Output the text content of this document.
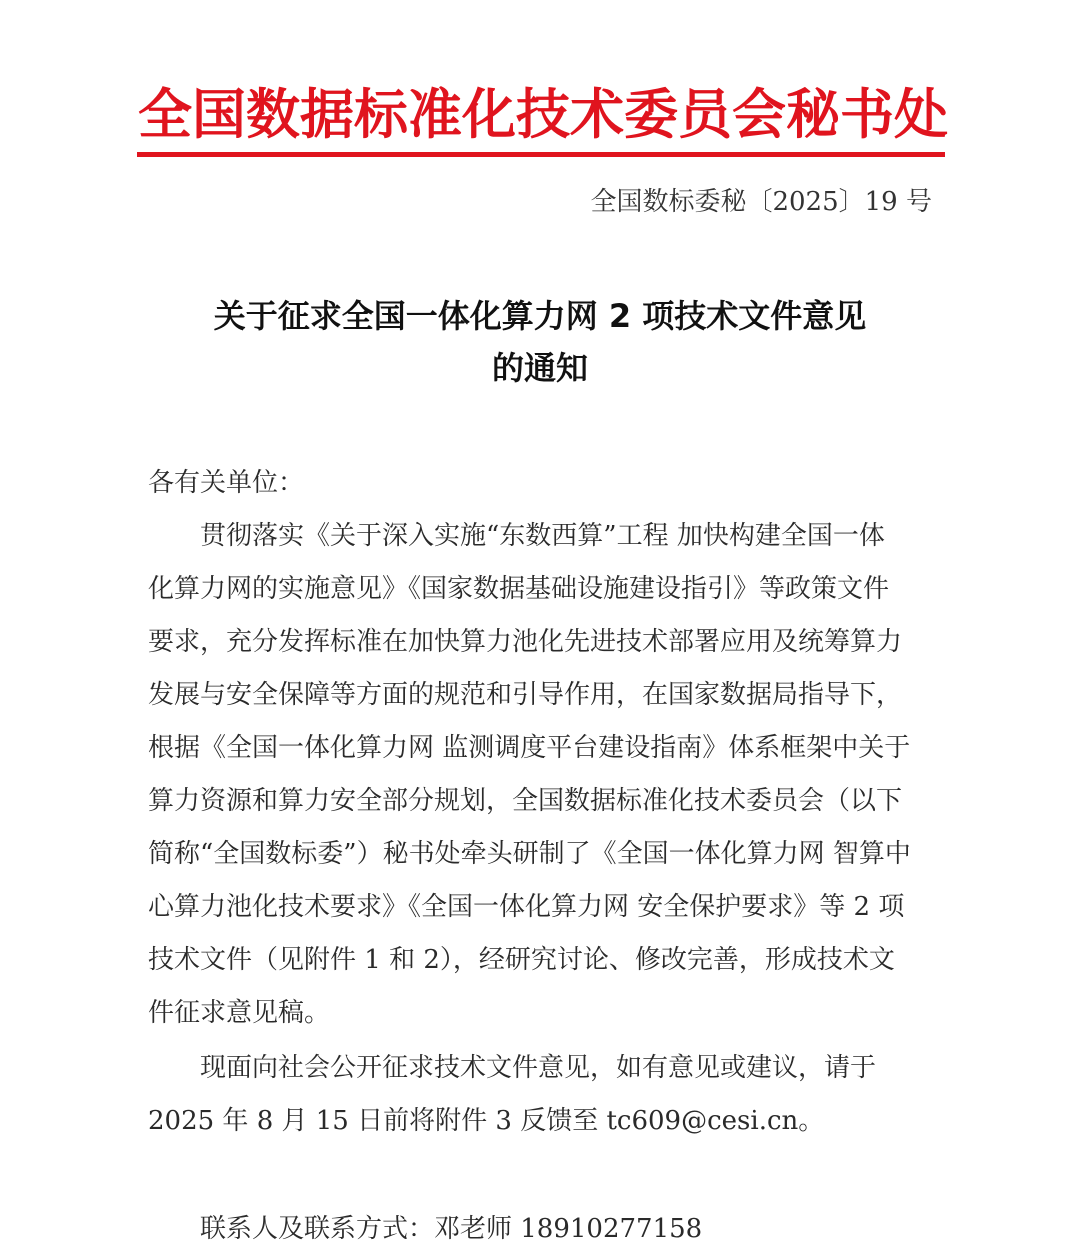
全国数据标准化技术委员会秘书处
全国数标委秘〔2025〕19 号
关于征求全国一体化算力网 2 项技术文件意见
的通知
各有关单位：
贯彻落实《关于深入实施“东数西算”工程 加快构建全国一体
化算力网的实施意见》《国家数据基础设施建设指引》等政策文件
要求，充分发挥标准在加快算力池化先进技术部署应用及统筹算力
发展与安全保障等方面的规范和引导作用，在国家数据局指导下，
根据《全国一体化算力网 监测调度平台建设指南》体系框架中关于
算力资源和算力安全部分规划，全国数据标准化技术委员会（以下
简称“全国数标委”）秘书处牵头研制了《全国一体化算力网 智算中
心算力池化技术要求》《全国一体化算力网 安全保护要求》等 2 项
技术文件（见附件 1 和 2），经研究讨论、修改完善，形成技术文
件征求意见稿。
现面向社会公开征求技术文件意见，如有意见或建议，请于
2025 年 8 月 15 日前将附件 3 反馈至 tc609@cesi.cn。
联系人及联系方式：邓老师 18910277158
